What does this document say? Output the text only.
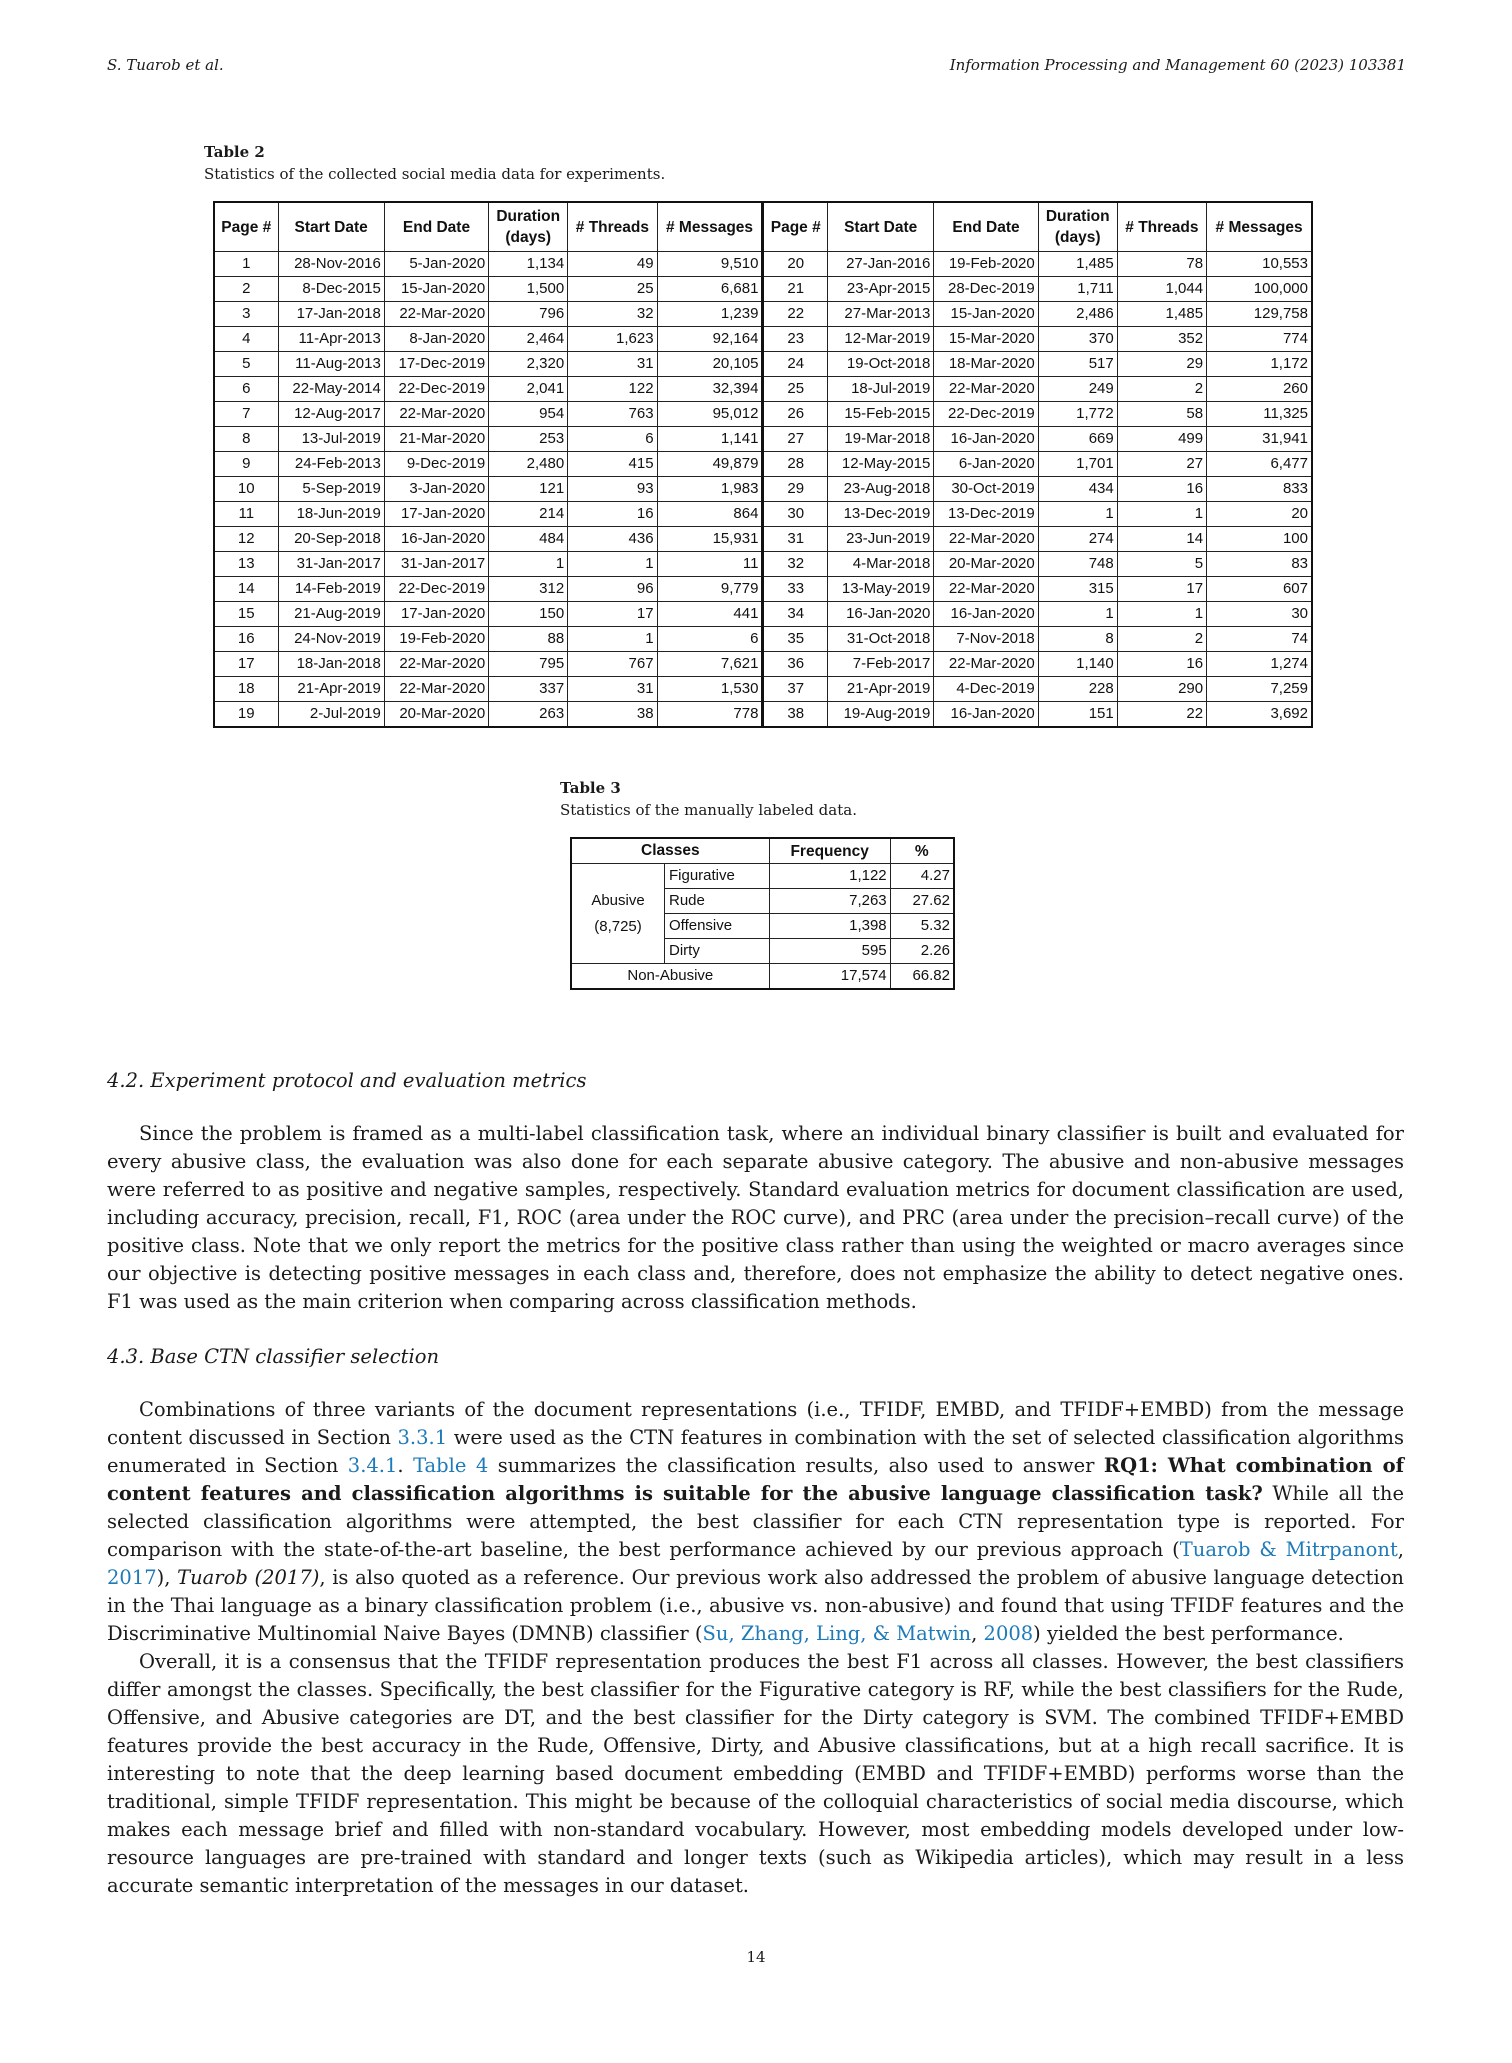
S. Tuarob et al.	Information Processing and Management 60 (2023) 103381
Table 2
Statistics of the collected social media data for experiments.
Page #	Start Date	End Date	Duration (days)	# Threads	# Messages	Page #	Start Date	End Date	Duration (days)	# Threads	# Messages
1	28-Nov-2016	5-Jan-2020	1,134	49	9,510	20	27-Jan-2016	19-Feb-2020	1,485	78	10,553
2	8-Dec-2015	15-Jan-2020	1,500	25	6,681	21	23-Apr-2015	28-Dec-2019	1,711	1,044	100,000
3	17-Jan-2018	22-Mar-2020	796	32	1,239	22	27-Mar-2013	15-Jan-2020	2,486	1,485	129,758
4	11-Apr-2013	8-Jan-2020	2,464	1,623	92,164	23	12-Mar-2019	15-Mar-2020	370	352	774
5	11-Aug-2013	17-Dec-2019	2,320	31	20,105	24	19-Oct-2018	18-Mar-2020	517	29	1,172
6	22-May-2014	22-Dec-2019	2,041	122	32,394	25	18-Jul-2019	22-Mar-2020	249	2	260
7	12-Aug-2017	22-Mar-2020	954	763	95,012	26	15-Feb-2015	22-Dec-2019	1,772	58	11,325
8	13-Jul-2019	21-Mar-2020	253	6	1,141	27	19-Mar-2018	16-Jan-2020	669	499	31,941
9	24-Feb-2013	9-Dec-2019	2,480	415	49,879	28	12-May-2015	6-Jan-2020	1,701	27	6,477
10	5-Sep-2019	3-Jan-2020	121	93	1,983	29	23-Aug-2018	30-Oct-2019	434	16	833
11	18-Jun-2019	17-Jan-2020	214	16	864	30	13-Dec-2019	13-Dec-2019	1	1	20
12	20-Sep-2018	16-Jan-2020	484	436	15,931	31	23-Jun-2019	22-Mar-2020	274	14	100
13	31-Jan-2017	31-Jan-2017	1	1	11	32	4-Mar-2018	20-Mar-2020	748	5	83
14	14-Feb-2019	22-Dec-2019	312	96	9,779	33	13-May-2019	22-Mar-2020	315	17	607
15	21-Aug-2019	17-Jan-2020	150	17	441	34	16-Jan-2020	16-Jan-2020	1	1	30
16	24-Nov-2019	19-Feb-2020	88	1	6	35	31-Oct-2018	7-Nov-2018	8	2	74
17	18-Jan-2018	22-Mar-2020	795	767	7,621	36	7-Feb-2017	22-Mar-2020	1,140	16	1,274
18	21-Apr-2019	22-Mar-2020	337	31	1,530	37	21-Apr-2019	4-Dec-2019	228	290	7,259
19	2-Jul-2019	20-Mar-2020	263	38	778	38	19-Aug-2019	16-Jan-2020	151	22	3,692
Table 3
Statistics of the manually labeled data.
Classes		Frequency	%

Abusive
(8,725)	Figurative	1,122	4.27
	Rude	7,263	27.62
	Offensive	1,398	5.32
	Dirty	595	2.26
Non-Abusive		17,574	66.82
4.2. Experiment protocol and evaluation metrics
Since the problem is framed as a multi-label classification task, where an individual binary classifier is built and evaluated for every abusive class, the evaluation was also done for each separate abusive category. The abusive and non-abusive messages were referred to as positive and negative samples, respectively. Standard evaluation metrics for document classification are used, including accuracy, precision, recall, F1, ROC (area under the ROC curve), and PRC (area under the precision–recall curve) of the positive class. Note that we only report the metrics for the positive class rather than using the weighted or macro averages since our objective is detecting positive messages in each class and, therefore, does not emphasize the ability to detect negative ones. F1 was used as the main criterion when comparing across classification methods.
4.3. Base CTN classifier selection
Combinations of three variants of the document representations (i.e., TFIDF, EMBD, and TFIDF+EMBD) from the message content discussed in Section 3.3.1 were used as the CTN features in combination with the set of selected classification algorithms enumerated in Section 3.4.1. Table 4 summarizes the classification results, also used to answer RQ1: What combination of content features and classification algorithms is suitable for the abusive language classification task? While all the selected classification algorithms were attempted, the best classifier for each CTN representation type is reported. For comparison with the state-of-the-art baseline, the best performance achieved by our previous approach (Tuarob & Mitrpanont, 2017), Tuarob (2017), is also quoted as a reference. Our previous work also addressed the problem of abusive language detection in the Thai language as a binary classification problem (i.e., abusive vs. non-abusive) and found that using TFIDF features and the Discriminative Multinomial Naive Bayes (DMNB) classifier (Su, Zhang, Ling, & Matwin, 2008) yielded the best performance.
Overall, it is a consensus that the TFIDF representation produces the best F1 across all classes. However, the best classifiers differ amongst the classes. Specifically, the best classifier for the Figurative category is RF, while the best classifiers for the Rude, Offensive, and Abusive categories are DT, and the best classifier for the Dirty category is SVM. The combined TFIDF+EMBD features provide the best accuracy in the Rude, Offensive, Dirty, and Abusive classifications, but at a high recall sacrifice. It is interesting to note that the deep learning based document embedding (EMBD and TFIDF+EMBD) performs worse than the traditional, simple TFIDF representation. This might be because of the colloquial characteristics of social media discourse, which makes each message brief and filled with non-standard vocabulary. However, most embedding models developed under low-resource languages are pre-trained with standard and longer texts (such as Wikipedia articles), which may result in a less accurate semantic interpretation of the messages in our dataset.
14
